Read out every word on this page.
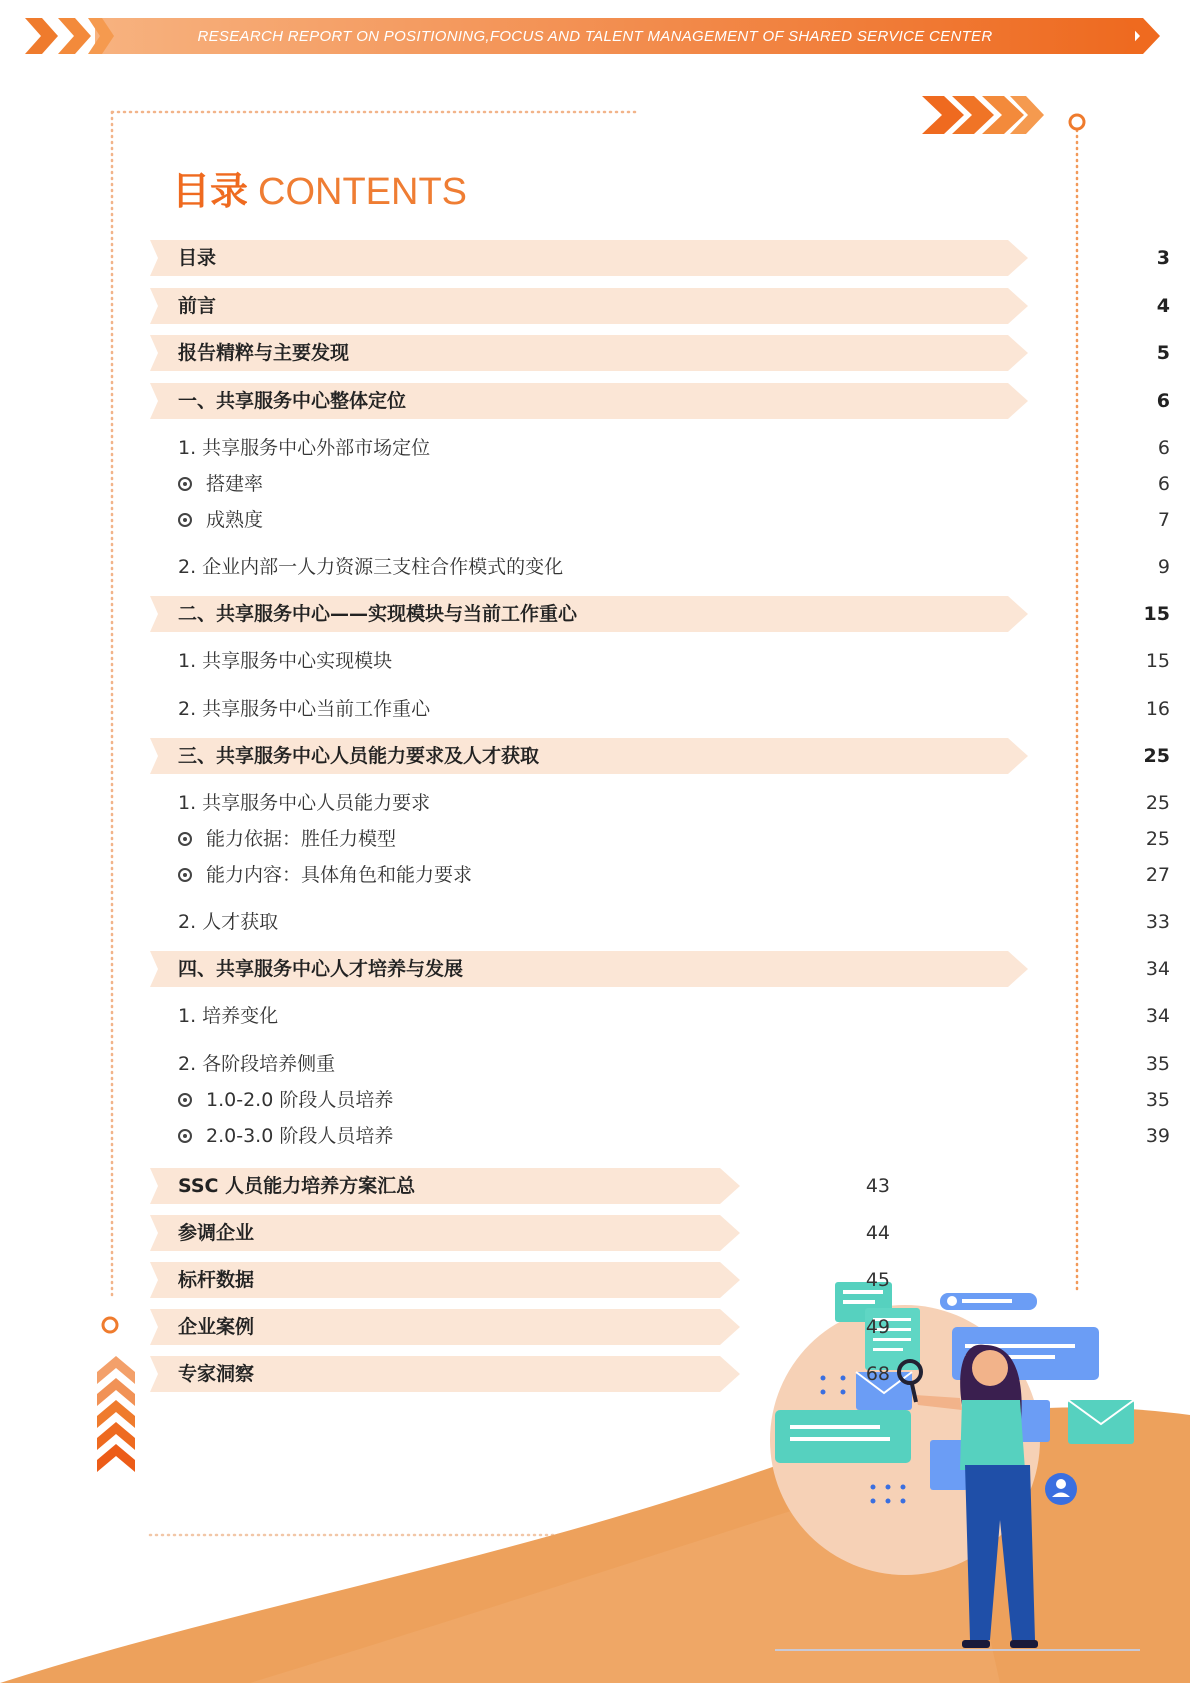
RESEARCH REPORT ON POSITIONING,FOCUS AND TALENT MANAGEMENT OF SHARED SERVICE CENTER
目录 CONTENTS
目录	3
前言	4
报告精粹与主要发现	5
一、共享服务中心整体定位	6
1. 共享服务中心外部市场定位	6
搭建率	6
成熟度	7
2. 企业内部一人力资源三支柱合作模式的变化	9
二、共享服务中心——实现模块与当前工作重心	15
1. 共享服务中心实现模块	15
2. 共享服务中心当前工作重心	16
三、共享服务中心人员能力要求及人才获取	25
1. 共享服务中心人员能力要求	25
能力依据：胜任力模型	25
能力内容：具体角色和能力要求	27
2. 人才获取	33
四、共享服务中心人才培养与发展	34
1. 培养变化	34
2. 各阶段培养侧重	35
1.0-2.0 阶段人员培养	35
2.0-3.0 阶段人员培养	39
SSC 人员能力培养方案汇总	43
参调企业	44
标杆数据	45
企业案例	49
专家洞察	68
